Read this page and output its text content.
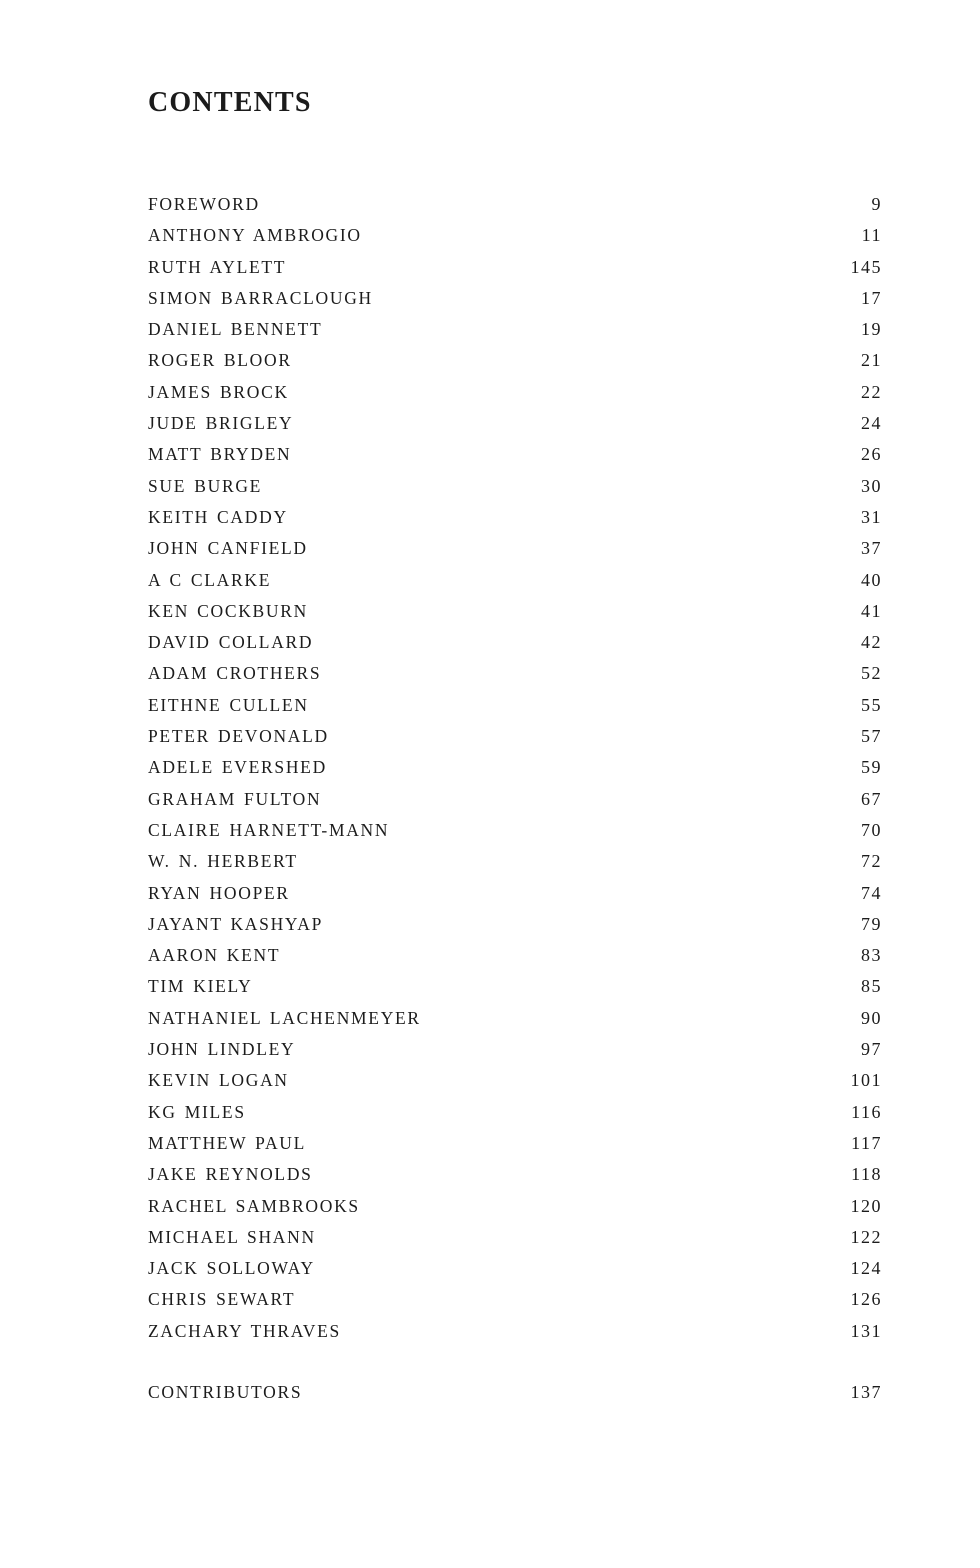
CONTENTS
FOREWORD	9
ANTHONY AMBROGIO	11
RUTH AYLETT	145
SIMON BARRACLOUGH	17
DANIEL BENNETT	19
ROGER BLOOR	21
JAMES BROCK	22
JUDE BRIGLEY	24
MATT BRYDEN	26
SUE BURGE	30
KEITH CADDY	31
JOHN CANFIELD	37
A C CLARKE	40
KEN COCKBURN	41
DAVID COLLARD	42
ADAM CROTHERS	52
EITHNE CULLEN	55
PETER DEVONALD	57
ADELE EVERSHED	59
GRAHAM FULTON	67
CLAIRE HARNETT-MANN	70
W. N. HERBERT	72
RYAN HOOPER	74
JAYANT KASHYAP	79
AARON KENT	83
TIM KIELY	85
NATHANIEL LACHENMEYER	90
JOHN LINDLEY	97
KEVIN LOGAN	101
KG MILES	116
MATTHEW PAUL	117
JAKE REYNOLDS	118
RACHEL SAMBROOKS	120
MICHAEL SHANN	122
JACK SOLLOWAY	124
CHRIS SEWART	126
ZACHARY THRAVES	131
CONTRIBUTORS	137
